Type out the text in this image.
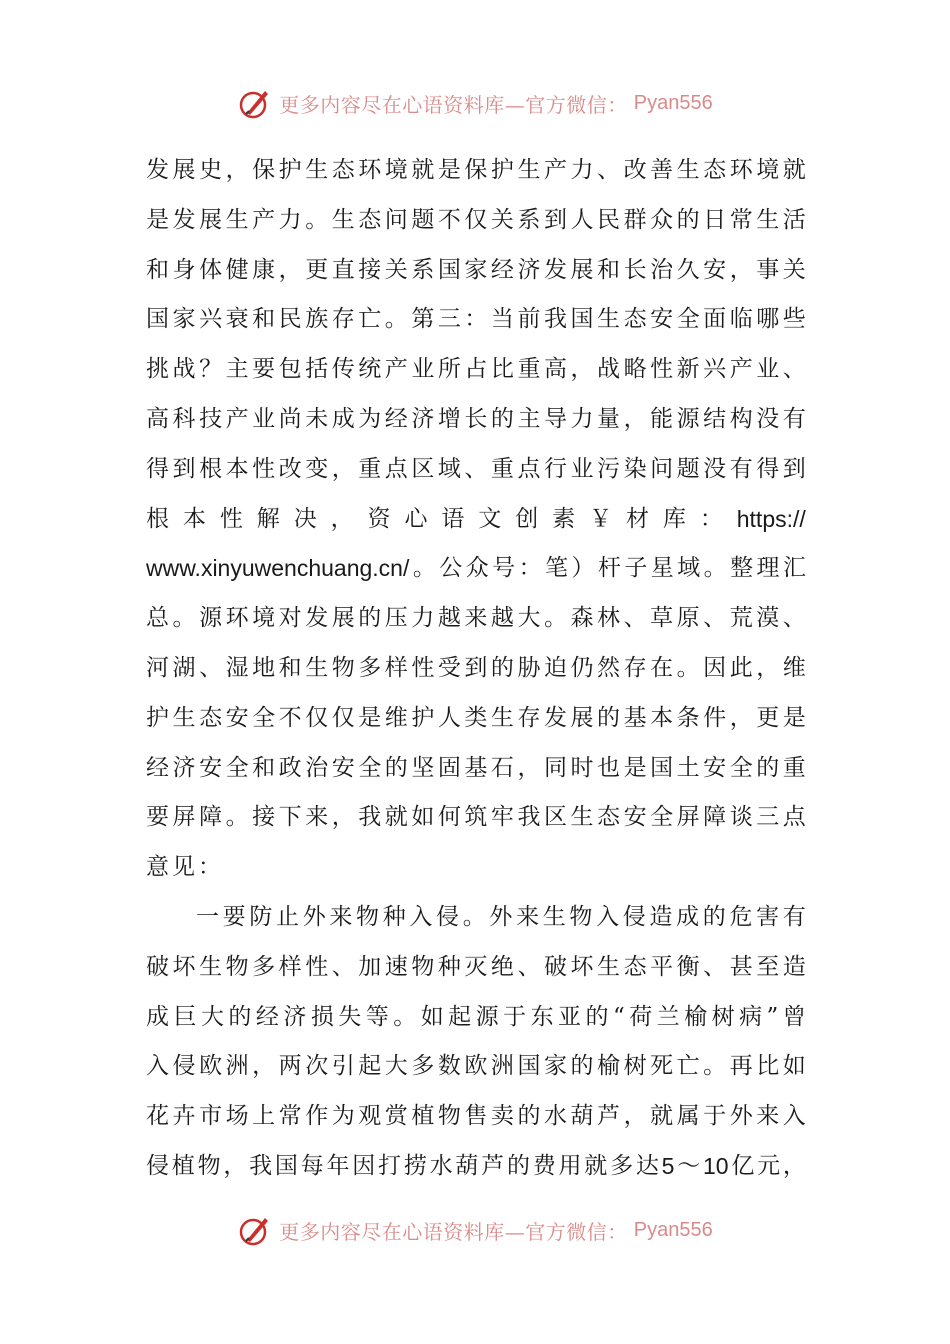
更多内容尽在心语资料库—官方微信： Pyan556
发 展 史 ， 保 护 生 态 环 境 就 是 保 护 生 产 力 、 改 善 生 态 环 境 就
是 发 展 生 产 力 。 生 态 问 题 不 仅 关 系 到 人 民 群 众 的 日 常 生 活
和 身 体 健 康 ， 更 直 接 关 系 国 家 经 济 发 展 和 长 治 久 安 ， 事 关
国 家 兴 衰 和 民 族 存 亡 。 第 三 ： 当 前 我 国 生 态 安 全 面 临 哪 些
挑 战 ？ 主 要 包 括 传 统 产 业 所 占 比 重 高 ， 战 略 性 新 兴 产 业 、
高 科 技 产 业 尚 未 成 为 经 济 增 长 的 主 导 力 量 ， 能 源 结 构 没 有
得 到 根 本 性 改 变 ， 重 点 区 域 、 重 点 行 业 污 染 问 题 没 有 得 到
根 本 性 解 决 ， 资 心 语 文 创 素 ￥ 材 库 ： https://
www.xinyuwenchuang.cn/ 。 公 众 号 ： 笔 ） 杆 子 星 域 。 整 理 汇
总 。 源 环 境 对 发 展 的 压 力 越 来 越 大 。 森 林 、 草 原 、 荒 漠 、
河 湖 、 湿 地 和 生 物 多 样 性 受 到 的 胁 迫 仍 然 存 在 。 因 此 ， 维
护 生 态 安 全 不 仅 仅 是 维 护 人 类 生 存 发 展 的 基 本 条 件 ， 更 是
经 济 安 全 和 政 治 安 全 的 坚 固 基 石 ， 同 时 也 是 国 土 安 全 的 重
要 屏 障 。 接 下 来 ， 我 就 如 何 筑 牢 我 区 生 态 安 全 屏 障 谈 三 点
意见：
一 要 防 止 外 来 物 种 入 侵 。 外 来 生 物 入 侵 造 成 的 危 害 有
破 坏 生 物 多 样 性 、 加 速 物 种 灭 绝 、 破 坏 生 态 平 衡 、 甚 至 造
成 巨 大 的 经 济 损 失 等 。 如 起 源 于 东 亚 的 “ 荷 兰 榆 树 病 ” 曾
入 侵 欧 洲 ， 两 次 引 起 大 多 数 欧 洲 国 家 的 榆 树 死 亡 。 再 比 如
花 卉 市 场 上 常 作 为 观 赏 植 物 售 卖 的 水 葫 芦 ， 就 属 于 外 来 入
侵 植 物 ， 我 国 每 年 因 打 捞 水 葫 芦 的 费 用 就 多 达 5 ～ 10 亿 元 ，
更多内容尽在心语资料库—官方微信： Pyan556
